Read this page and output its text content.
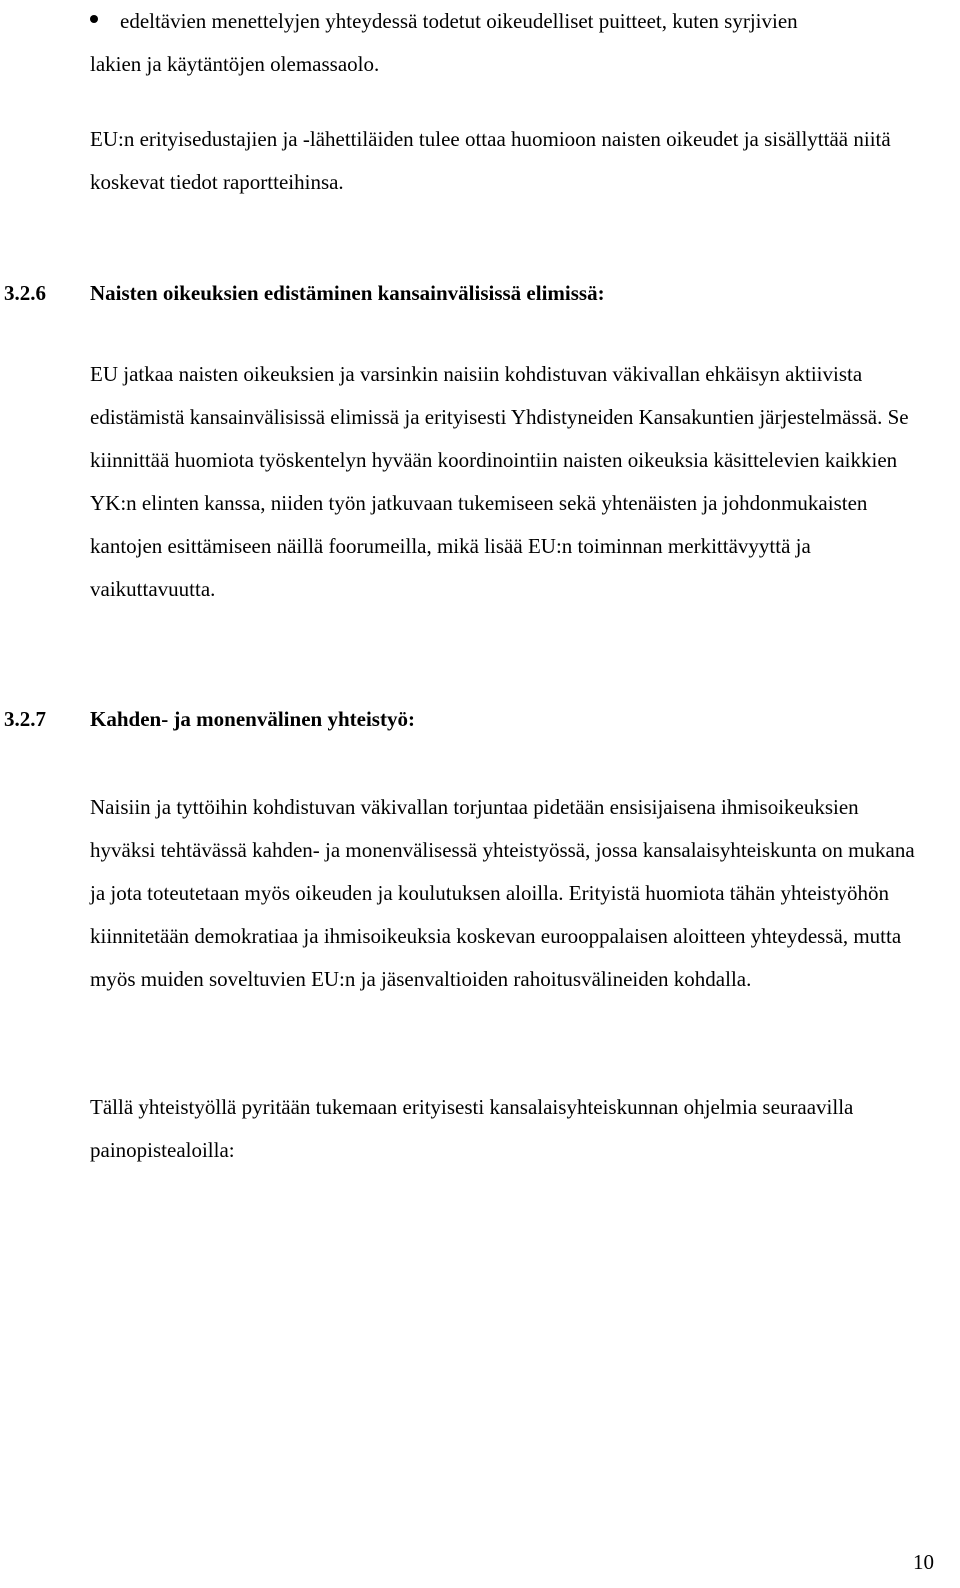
edeltävien menettelyjen yhteydessä todetut oikeudelliset puitteet, kuten syrjivien
lakien ja käytäntöjen olemassaolo.

EU:n erityisedustajien ja -lähettiläiden tulee ottaa huomioon naisten oikeudet ja sisällyttää niitä koskevat tiedot raportteihinsa.

3.2.6 Naisten oikeuksien edistäminen kansainvälisissä elimissä:

EU jatkaa naisten oikeuksien ja varsinkin naisiin kohdistuvan väkivallan ehkäisyn aktiivista edistämistä kansainvälisissä elimissä ja erityisesti Yhdistyneiden Kansakuntien järjestelmässä. Se kiinnittää huomiota työskentelyn hyvään koordinointiin naisten oikeuksia käsittelevien kaikkien YK:n elinten kanssa, niiden työn jatkuvaan tukemiseen sekä yhtenäisten ja johdonmukaisten kantojen esittämiseen näillä foorumeilla, mikä lisää EU:n toiminnan merkittävyyttä ja vaikuttavuutta.

3.2.7 Kahden- ja monenvälinen yhteistyö:

Naisiin ja tyttöihin kohdistuvan väkivallan torjuntaa pidetään ensisijaisena ihmisoikeuksien hyväksi tehtävässä kahden- ja monenvälisessä yhteistyössä, jossa kansalaisyhteiskunta on mukana ja jota toteutetaan myös oikeuden ja koulutuksen aloilla. Erityistä huomiota tähän yhteistyöhön kiinnitetään demokratiaa ja ihmisoikeuksia koskevan eurooppalaisen aloitteen yhteydessä, mutta myös muiden soveltuvien EU:n ja jäsenvaltioiden rahoitusvälineiden kohdalla.

Tällä yhteistyöllä pyritään tukemaan erityisesti kansalaisyhteiskunnan ohjelmia seuraavilla painopistealoilla:

10
